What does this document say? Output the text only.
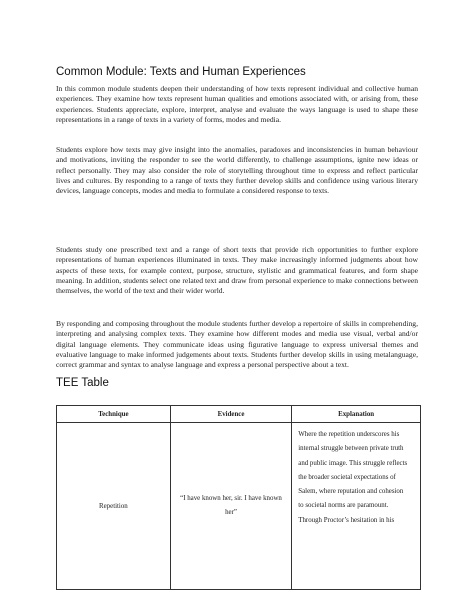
Common Module: Texts and Human Experiences
In this common module students deepen their understanding of how texts represent individual and collective human experiences. They examine how texts represent human qualities and emotions associated with, or arising from, these experiences. Students appreciate, explore, interpret, analyse and evaluate the ways language is used to shape these representations in a range of texts in a variety of forms, modes and media.
Students explore how texts may give insight into the anomalies, paradoxes and inconsistencies in human behaviour and motivations, inviting the responder to see the world differently, to challenge assumptions, ignite new ideas or reflect personally. They may also consider the role of storytelling throughout time to express and reflect particular lives and cultures. By responding to a range of texts they further develop skills and confidence using various literary devices, language concepts, modes and media to formulate a considered response to texts.
Students study one prescribed text and a range of short texts that provide rich opportunities to further explore representations of human experiences illuminated in texts. They make increasingly informed judgments about how aspects of these texts, for example context, purpose, structure, stylistic and grammatical features, and form shape meaning. In addition, students select one related text and draw from personal experience to make connections between themselves, the world of the text and their wider world.
By responding and composing throughout the module students further develop a repertoire of skills in comprehending, interpreting and analysing complex texts. They examine how different modes and media use visual, verbal and/or digital language elements. They communicate ideas using figurative language to express universal themes and evaluative language to make informed judgements about texts. Students further develop skills in using metalanguage, correct grammar and syntax to analyse language and express a personal perspective about a text.
TEE Table
Technique	Evidence	Explanation
Repetition	“I have known her, sir. I have known her”	Where the repetition underscores his internal struggle between private truth and public image. This struggle reflects the broader societal expectations of Salem, where reputation and cohesion to societal norms are paramount. Through Proctor’s hesitation in his
